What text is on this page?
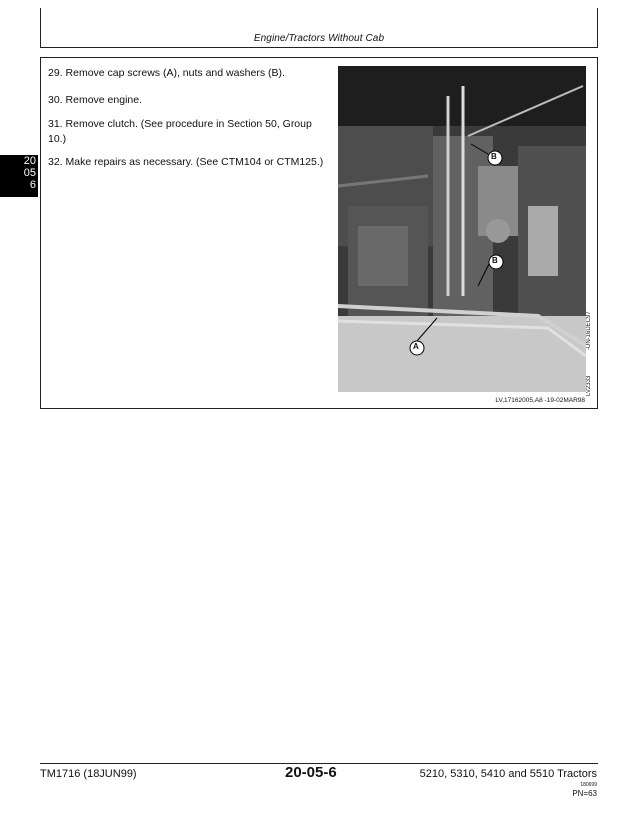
Engine/Tractors Without Cab
20
05
6
29. Remove cap screws (A), nuts and washers (B).
30. Remove engine.
31. Remove clutch. (See procedure in Section 50, Group 10.)
32. Make repairs as necessary. (See CTM104 or CTM125.)	B
B
A	-UN-16DEC97
LV2333
LV,17162005,A8 -19-02MAR98
TM1716 (18JUN99)	20-05-6	5210, 5310, 5410 and 5510 Tractors
180699
PN=63
